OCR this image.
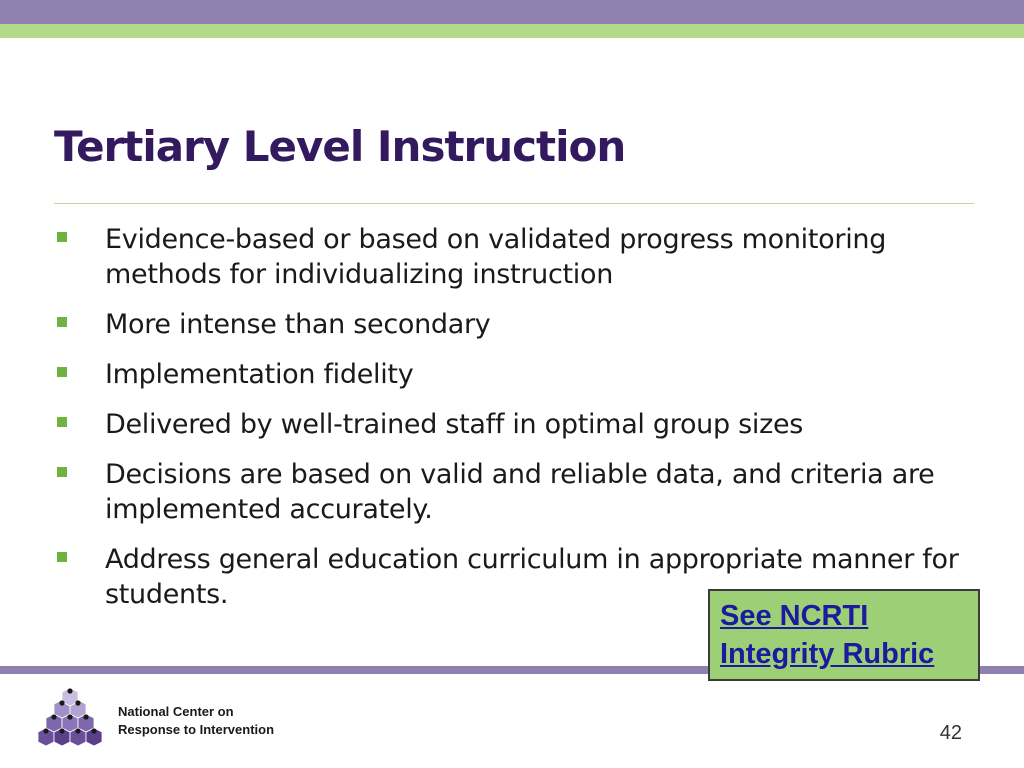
Tertiary Level Instruction
Evidence-based or based on validated progress monitoring methods for individualizing instruction
More intense than secondary
Implementation fidelity
Delivered by well-trained staff in optimal group sizes
Decisions are based on valid and reliable data, and criteria are implemented accurately.
Address general education curriculum in appropriate manner for students.
See NCRTI
Integrity Rubric
National Center on
Response to Intervention	42
